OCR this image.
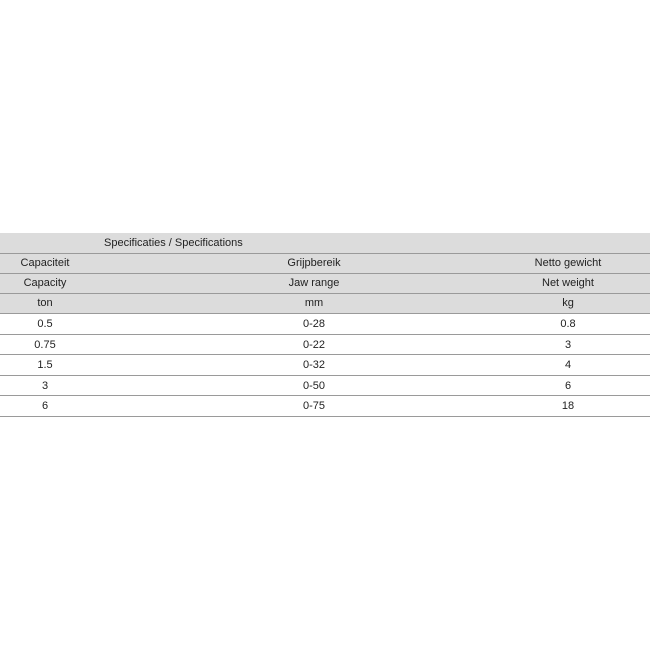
Specificaties / Specifications
Capaciteit	Grijpbereik	Netto gewicht
Capacity	Jaw range	Net weight
ton	mm	kg
0.5	0-28	0.8
0.75	0-22	3
1.5	0-32	4
3	0-50	6
6	0-75	18
